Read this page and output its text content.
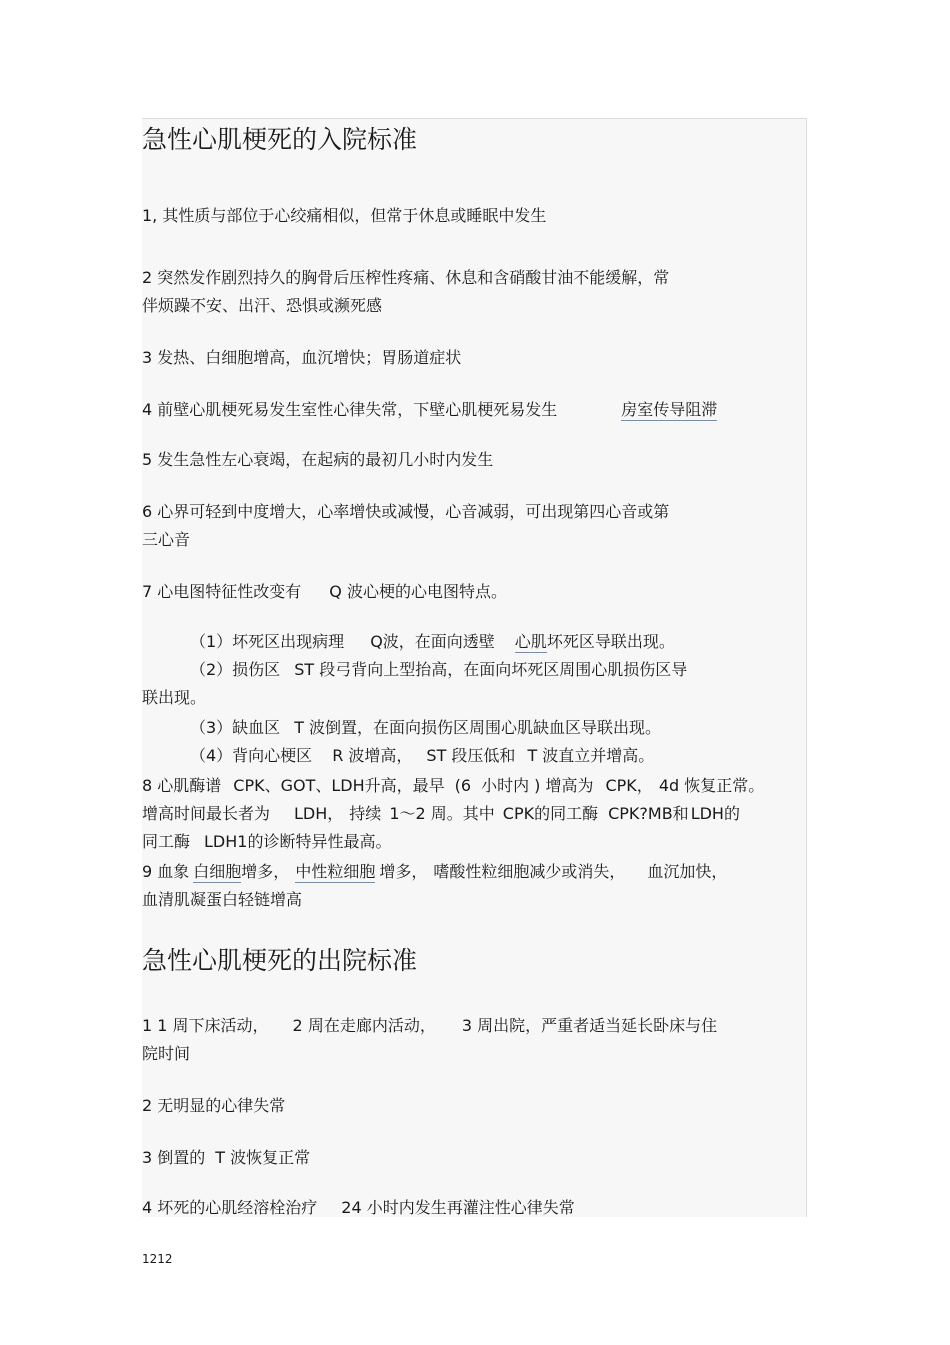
急性心肌梗死的入院标准
1, 其性质与部位于心绞痛相似，但常于休息或睡眠中发生
2 突然发作剧烈持久的胸骨后压榨性疼痛、休息和含硝酸甘油不能缓解，常
伴烦躁不安、出汗、恐惧或濒死感
3 发热、白细胞增高，血沉增快；胃肠道症状
4 前壁心肌梗死易发生室性心律失常，下壁心肌梗死易发生	房室传导阻滞
5 发生急性左心衰竭，在起病的最初几小时内发生
6 心界可轻到中度增大，心率增快或减慢，心音减弱，可出现第四心音或第
三心音
7 心电图特征性改变有 Q 波心梗的心电图特点。
（1）坏死区出现病理 Q波，在面向透壁 心肌坏死区导联出现。
（2）损伤区 ST 段弓背向上型抬高，在面向坏死区周围心肌损伤区导
联出现。
（3）缺血区 T 波倒置，在面向损伤区周围心肌缺血区导联出现。
（4）背向心梗区 R 波增高， ST 段压低和 T 波直立并增高。
8 心肌酶谱 CPK、GOT、LDH升高，最早 (6 小时内 ) 增高为 CPK， 4d 恢复正常。
增高时间最长者为 LDH， 持续 1～2 周。其中 CPK的同工酶 CPK?MB和 LDH的
同工酶 LDH1的诊断特异性最高。
9 血象 白细胞增多， 中性粒细胞 增多， 嗜酸性粒细胞减少或消失， 血沉加快，
血清肌凝蛋白轻链增高
急性心肌梗死的出院标准
1 1 周下床活动， 2 周在走廊内活动， 3 周出院，严重者适当延长卧床与住
院时间
2 无明显的心律失常
3 倒置的 T 波恢复正常
4 坏死的心肌经溶栓治疗 24 小时内发生再灌注性心律失常
1212
